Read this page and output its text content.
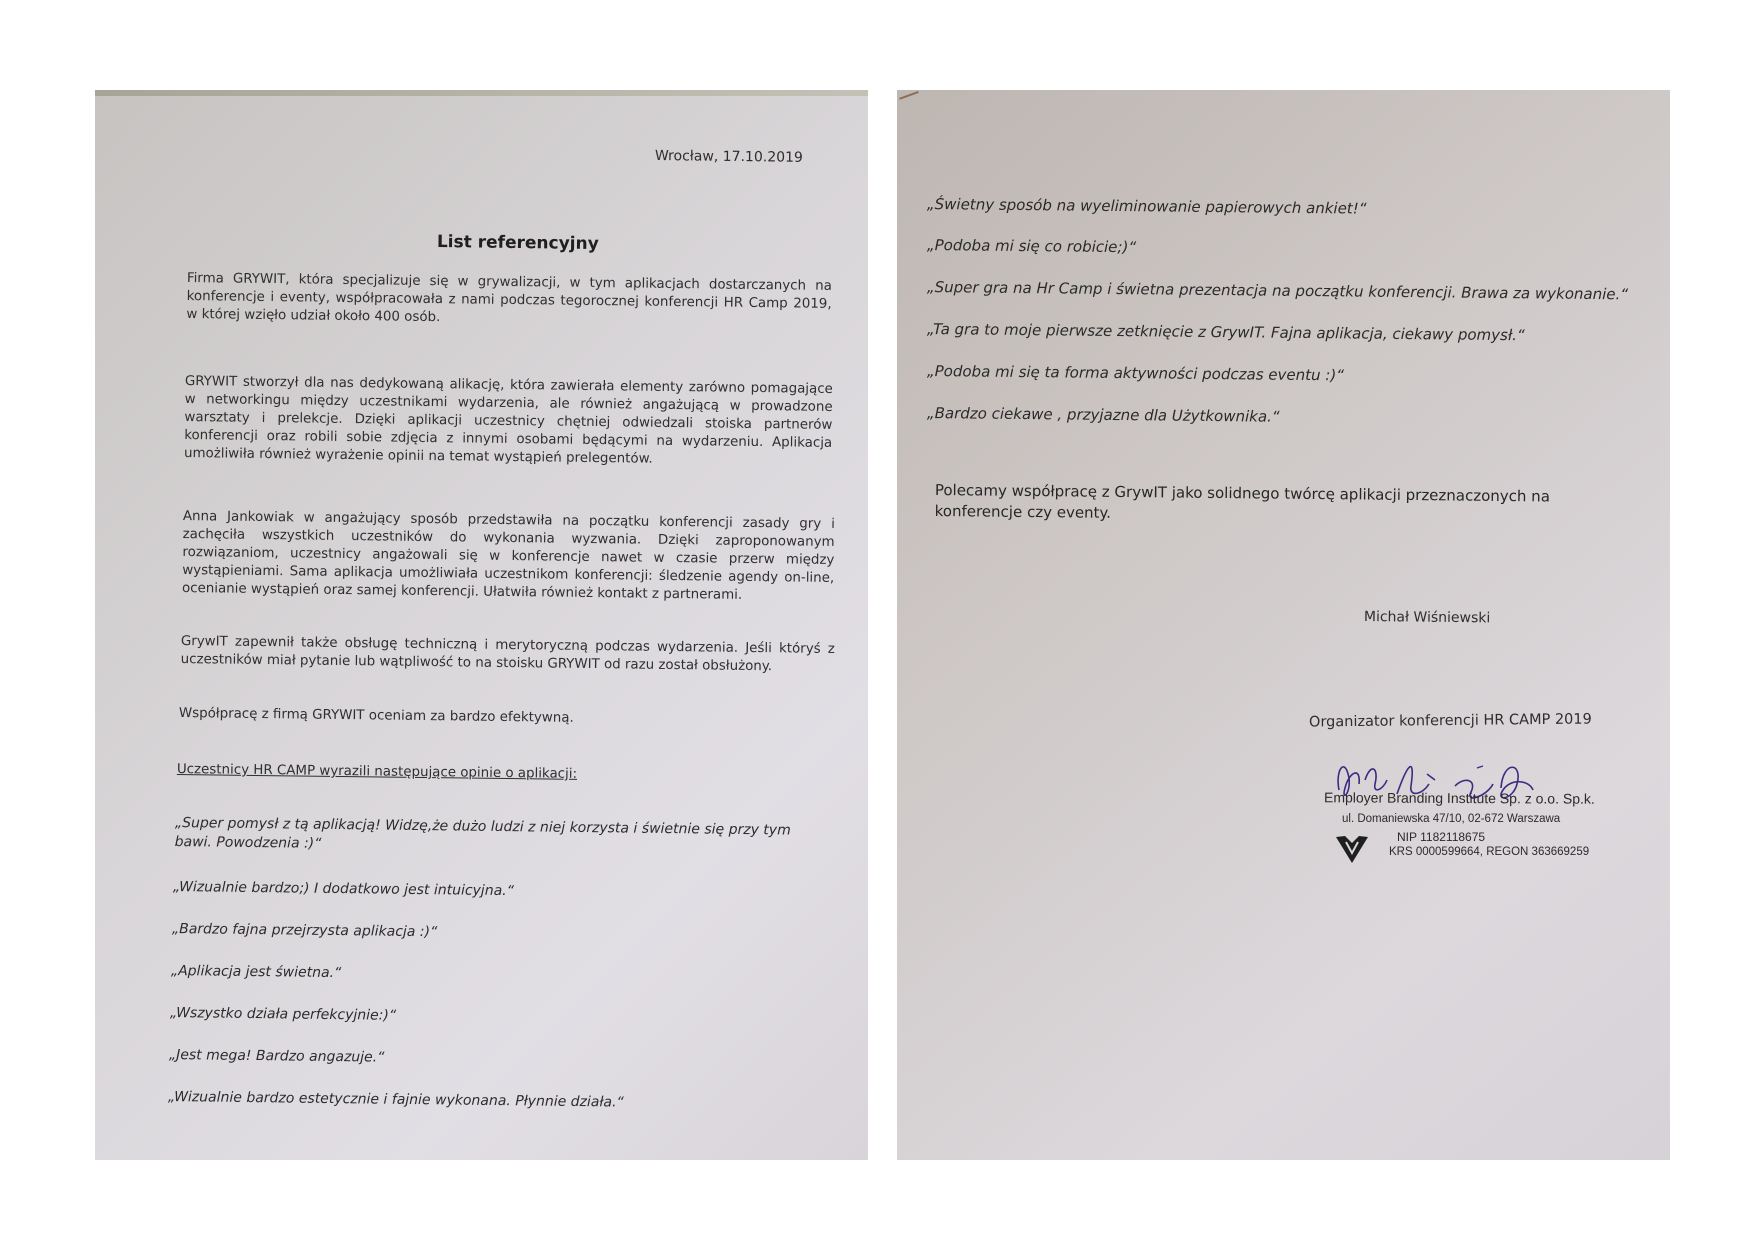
Wrocław, 17.10.2019
List referencyjny
Firma GRYWIT, która specjalizuje się w grywalizacji, w tym aplikacjach dostarczanych na konferencje i eventy, współpracowała z nami podczas tegorocznej konferencji HR Camp 2019, w której wzięło udział około 400 osób.
GRYWIT stworzył dla nas dedykowaną alikację, która zawierała elementy zarówno pomagające w networkingu między uczestnikami wydarzenia, ale również angażującą w prowadzone warsztaty i prelekcje. Dzięki aplikacji uczestnicy chętniej odwiedzali stoiska partnerów konferencji oraz robili sobie zdjęcia z innymi osobami będącymi na wydarzeniu. Aplikacja umożliwiła również wyrażenie opinii na temat wystąpień prelegentów.
Anna Jankowiak w angażujący sposób przedstawiła na początku konferencji zasady gry i zachęciła wszystkich uczestników do wykonania wyzwania. Dzięki zaproponowanym rozwiązaniom, uczestnicy angażowali się w konferencje nawet w czasie przerw między wystąpieniami. Sama aplikacja umożliwiała uczestnikom konferencji: śledzenie agendy on-line, ocenianie wystąpień oraz samej konferencji. Ułatwiła również kontakt z partnerami.
GrywIT zapewnił także obsługę techniczną i merytoryczną podczas wydarzenia. Jeśli któryś z uczestników miał pytanie lub wątpliwość to na stoisku GRYWIT od razu został obsłużony.
Współpracę z firmą GRYWIT oceniam za bardzo efektywną.
Uczestnicy HR CAMP wyrazili następujące opinie o aplikacji:
„Super pomysł z tą aplikacją! Widzę,że dużo ludzi z niej korzysta i świetnie się przy tym bawi. Powodzenia :)“
„Wizualnie bardzo;) I dodatkowo jest intuicyjna.“
„Bardzo fajna przejrzysta aplikacja :)“
„Aplikacja jest świetna.“
„Wszystko działa perfekcyjnie:)“
„Jest mega! Bardzo angazuje.“
„Wizualnie bardzo estetycznie i fajnie wykonana. Płynnie działa.“
„Świetny sposób na wyeliminowanie papierowych ankiet!“
„Podoba mi się co robicie;)“
„Super gra na Hr Camp i świetna prezentacja na początku konferencji. Brawa za wykonanie.“
„Ta gra to moje pierwsze zetknięcie z GrywIT. Fajna aplikacja, ciekawy pomysł.“
„Podoba mi się ta forma aktywności podczas eventu :)“
„Bardzo ciekawe , przyjazne dla Użytkownika.“
Polecamy współpracę z GrywIT jako solidnego twórcę aplikacji przeznaczonych na konferencje czy eventy.
Michał Wiśniewski
Organizator konferencji HR CAMP 2019
Employer Branding Institute Sp. z o.o. Sp.k.
ul. Domaniewska 47/10, 02-672 Warszawa
NIP 1182118675
KRS 0000599664, REGON 363669259
